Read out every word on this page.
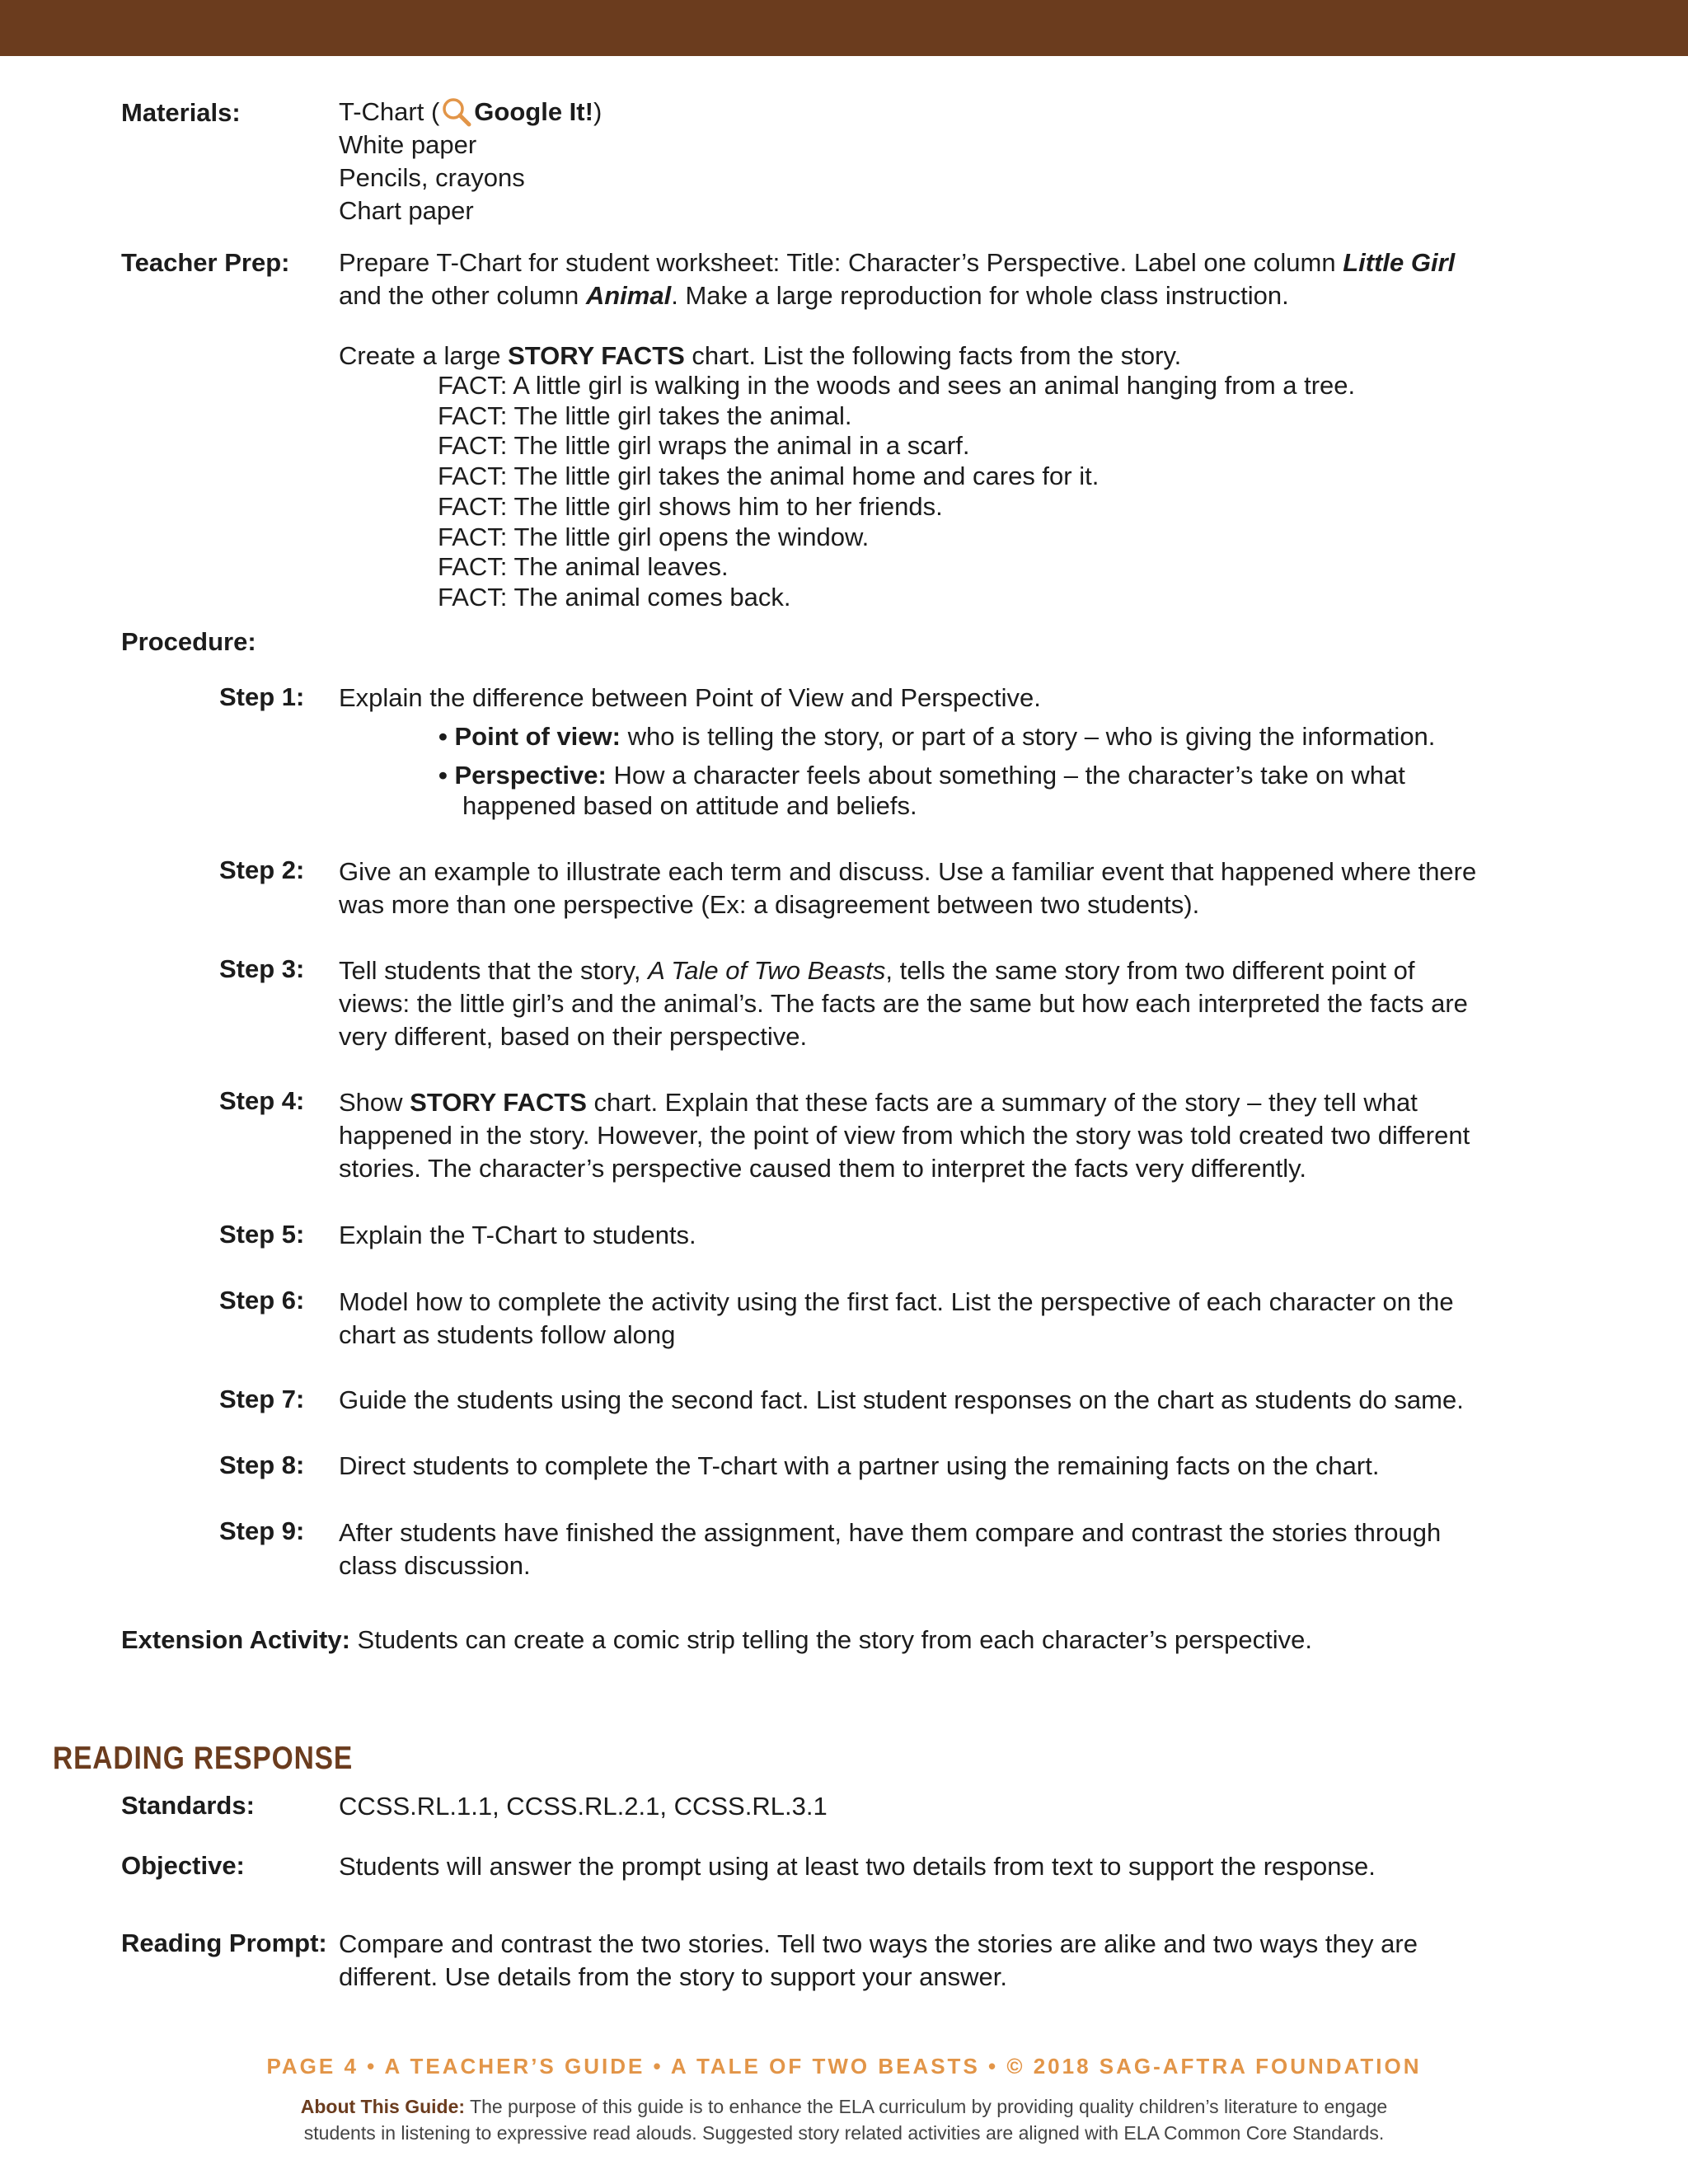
Materials:	T-Chart ( Google It!)
White paper
Pencils, crayons
Chart paper
Teacher Prep: Prepare T-Chart for student worksheet: Title: Character’s Perspective. Label one column Little Girl
and the other column Animal. Make a large reproduction for whole class instruction.
Create a large STORY FACTS chart. List the following facts from the story.
FACT: A little girl is walking in the woods and sees an animal hanging from a tree.
FACT: The little girl takes the animal.
FACT: The little girl wraps the animal in a scarf.
FACT: The little girl takes the animal home and cares for it.
FACT: The little girl shows him to her friends.
FACT: The little girl opens the window.
FACT: The animal leaves.
FACT: The animal comes back.
Procedure:
Step 1: Explain the difference between Point of View and Perspective.
• Point of view: who is telling the story, or part of a story – who is giving the information.
• Perspective: How a character feels about something – the character’s take on what
happened based on attitude and beliefs.
Step 2: Give an example to illustrate each term and discuss. Use a familiar event that happened where there
was more than one perspective (Ex: a disagreement between two students).
Step 3: Tell students that the story, A Tale of Two Beasts, tells the same story from two different point of
views: the little girl’s and the animal’s. The facts are the same but how each interpreted the facts are
very different, based on their perspective.
Step 4: Show STORY FACTS chart. Explain that these facts are a summary of the story – they tell what
happened in the story. However, the point of view from which the story was told created two different
stories. The character’s perspective caused them to interpret the facts very differently.
Step 5: Explain the T-Chart to students.
Step 6: Model how to complete the activity using the first fact. List the perspective of each character on the
chart as students follow along
Step 7: Guide the students using the second fact. List student responses on the chart as students do same.
Step 8: Direct students to complete the T-chart with a partner using the remaining facts on the chart.
Step 9: After students have finished the assignment, have them compare and contrast the stories through
class discussion.
Extension Activity: Students can create a comic strip telling the story from each character’s perspective.
READING RESPONSE
Standards:	CCSS.RL.1.1, CCSS.RL.2.1, CCSS.RL.3.1
Objective:	Students will answer the prompt using at least two details from text to support the response.
Reading Prompt: Compare and contrast the two stories. Tell two ways the stories are alike and two ways they are
different. Use details from the story to support your answer.
PAGE 4 • A TEACHER’S GUIDE • A TALE OF TWO BEASTS • © 2018 SAG-AFTRA FOUNDATION
About This Guide: The purpose of this guide is to enhance the ELA curriculum by providing quality children’s literature to engage
students in listening to expressive read alouds. Suggested story related activities are aligned with ELA Common Core Standards.
